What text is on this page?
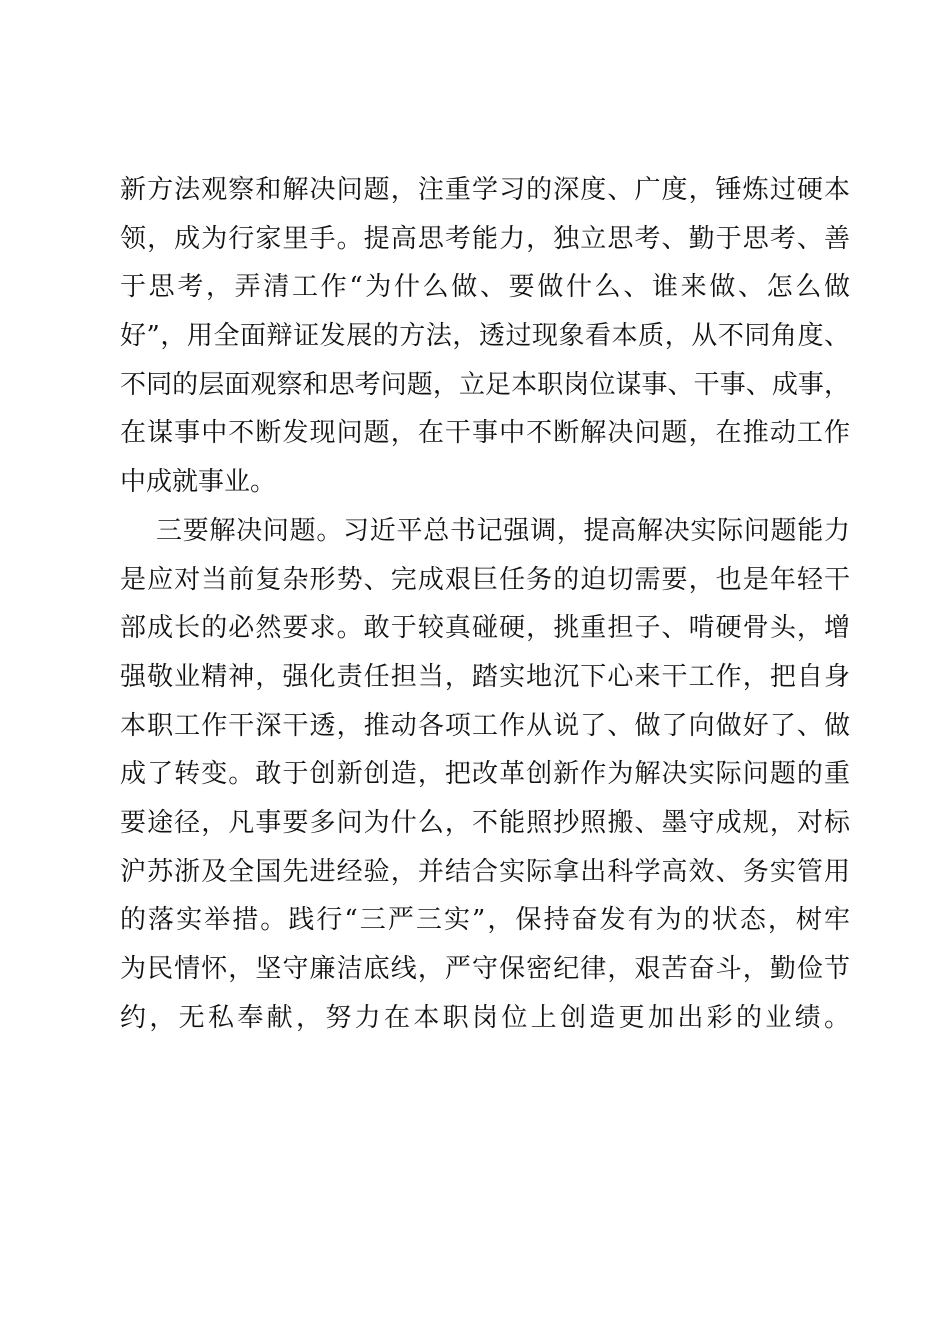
新方法观察和解决问题，注重学习的深度、广度，锤炼过硬本
领，成为行家里手。提高思考能力，独立思考、勤于思考、善
于思考，弄清工作“为什么做、要做什么、谁来做、怎么做
好”，用全面辩证发展的方法，透过现象看本质，从不同角度、
不同的层面观察和思考问题，立足本职岗位谋事、干事、成事，
在谋事中不断发现问题，在干事中不断解决问题，在推动工作
中成就事业。
三要解决问题。习近平总书记强调，提高解决实际问题能力
是应对当前复杂形势、完成艰巨任务的迫切需要，也是年轻干
部成长的必然要求。敢于较真碰硬，挑重担子、啃硬骨头，增
强敬业精神，强化责任担当，踏实地沉下心来干工作，把自身
本职工作干深干透，推动各项工作从说了、做了向做好了、做
成了转变。敢于创新创造，把改革创新作为解决实际问题的重
要途径，凡事要多问为什么，不能照抄照搬、墨守成规，对标
沪苏浙及全国先进经验，并结合实际拿出科学高效、务实管用
的落实举措。践行“三严三实”，保持奋发有为的状态，树牢
为民情怀，坚守廉洁底线，严守保密纪律，艰苦奋斗，勤俭节
约，无私奉献，努力在本职岗位上创造更加出彩的业绩。
